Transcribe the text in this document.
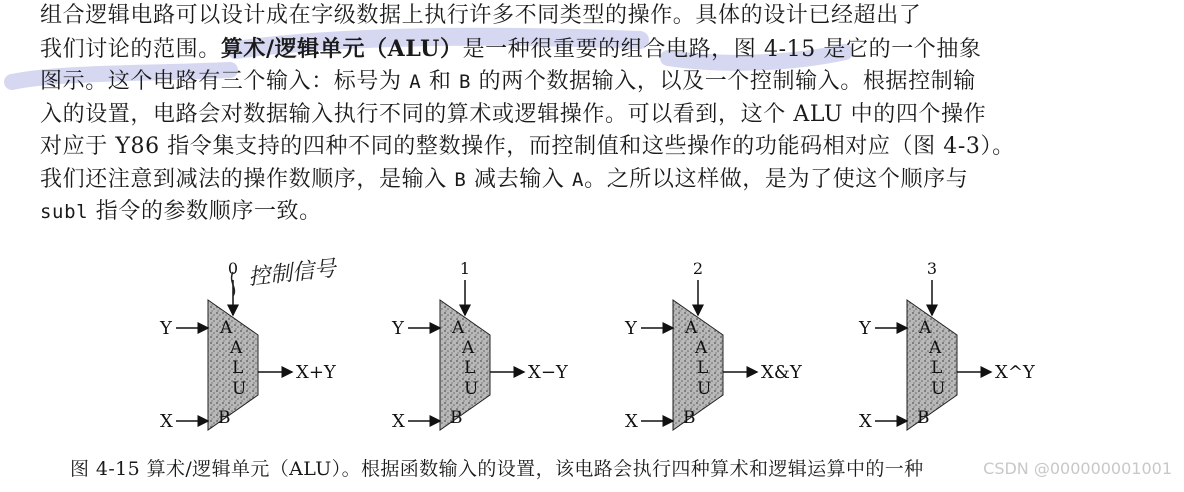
组合逻辑电路可以设计成在字级数据上执行许多不同类型的操作。具体的设计已经超出了
我们讨论的范围。算术/逻辑单元（ALU）是一种很重要的组合电路，图 4-15 是它的一个抽象
图示。这个电路有三个输入：标号为 A 和 B 的两个数据输入，以及一个控制输入。根据控制输
入的设置，电路会对数据输入执行不同的算术或逻辑操作。可以看到，这个 ALU 中的四个操作
对应于 Y86 指令集支持的四种不同的整数操作，而控制值和这些操作的功能码相对应（图 4-3）。
我们还注意到减法的操作数顺序，是输入 B 减去输入 A。之所以这样做，是为了使这个顺序与
subl 指令的参数顺序一致。
控制信号
A
A
L
U
B
0
Y
X
X+Y
A
A
L
U
B
1
Y
X
X−Y
A
A
L
U
B
2
Y
X
X&Y
A
A
L
U
B
3
Y
X
X^Y
图 4-15 算术/逻辑单元（ALU）。根据函数输入的设置，该电路会执行四种算术和逻辑运算中的一种	CSDN @000000001001
